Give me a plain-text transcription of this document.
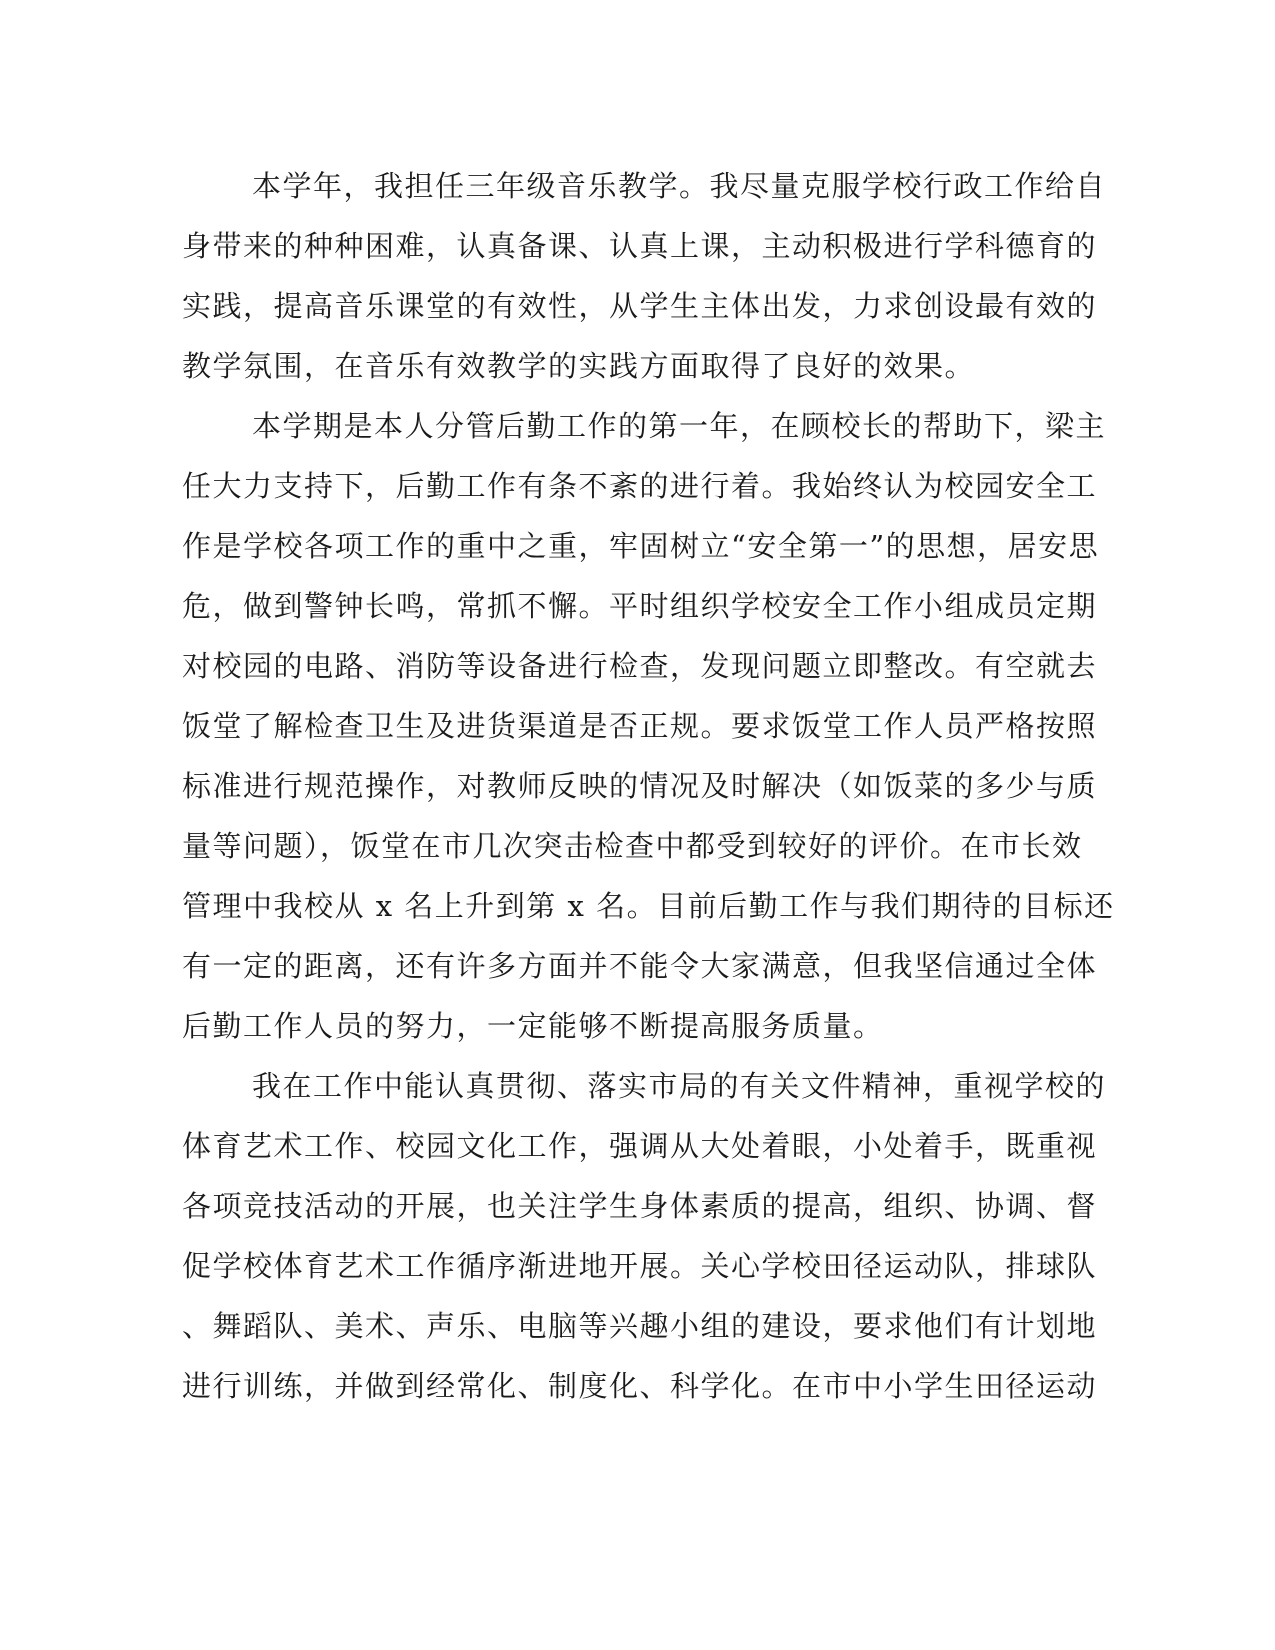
本学年，我担任三年级音乐教学。我尽量克服学校行政工作给自
身带来的种种困难，认真备课、认真上课，主动积极进行学科德育的
实践，提高音乐课堂的有效性，从学生主体出发，力求创设最有效的
教学氛围，在音乐有效教学的实践方面取得了良好的效果。
本学期是本人分管后勤工作的第一年，在顾校长的帮助下，梁主
任大力支持下，后勤工作有条不紊的进行着。我始终认为校园安全工
作是学校各项工作的重中之重，牢固树立“安全第一”的思想，居安思
危，做到警钟长鸣，常抓不懈。平时组织学校安全工作小组成员定期
对校园的电路、消防等设备进行检查，发现问题立即整改。有空就去
饭堂了解检查卫生及进货渠道是否正规。要求饭堂工作人员严格按照
标准进行规范操作，对教师反映的情况及时解决（如饭菜的多少与质
量等问题），饭堂在市几次突击检查中都受到较好的评价。在市长效
管理中我校从 x 名上升到第 x 名。目前后勤工作与我们期待的目标还
有一定的距离，还有许多方面并不能令大家满意，但我坚信通过全体
后勤工作人员的努力，一定能够不断提高服务质量。
我在工作中能认真贯彻、落实市局的有关文件精神，重视学校的
体育艺术工作、校园文化工作，强调从大处着眼，小处着手，既重视
各项竞技活动的开展，也关注学生身体素质的提高，组织、协调、督
促学校体育艺术工作循序渐进地开展。关心学校田径运动队，排球队
、舞蹈队、美术、声乐、电脑等兴趣小组的建设，要求他们有计划地
进行训练，并做到经常化、制度化、科学化。在市中小学生田径运动
